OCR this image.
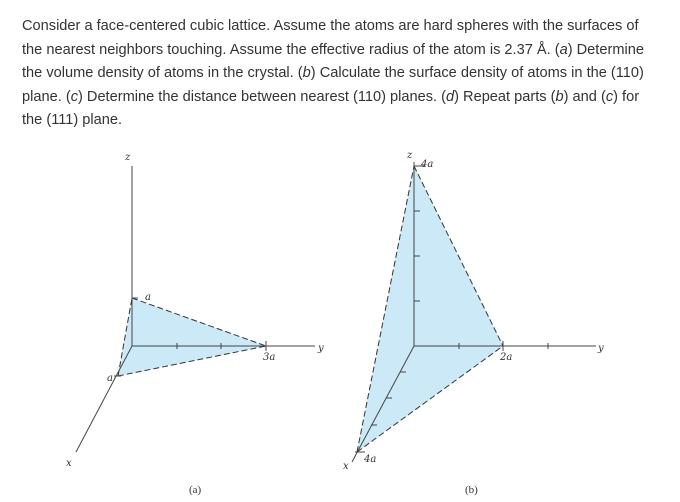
Consider a face-centered cubic lattice. Assume the atoms are hard spheres with the surfaces of the nearest neighbors touching. Assume the effective radius of the atom is 2.37 Å. (a) Determine the volume density of atoms in the crystal. (b) Calculate the surface density of atoms in the (110) plane. (c) Determine the distance between nearest (110) planes. (d) Repeat parts (b) and (c) for the (111) plane.

z
a
3a
y
a
x
(a)
z
4a
2a
y
4a
x
(b)
